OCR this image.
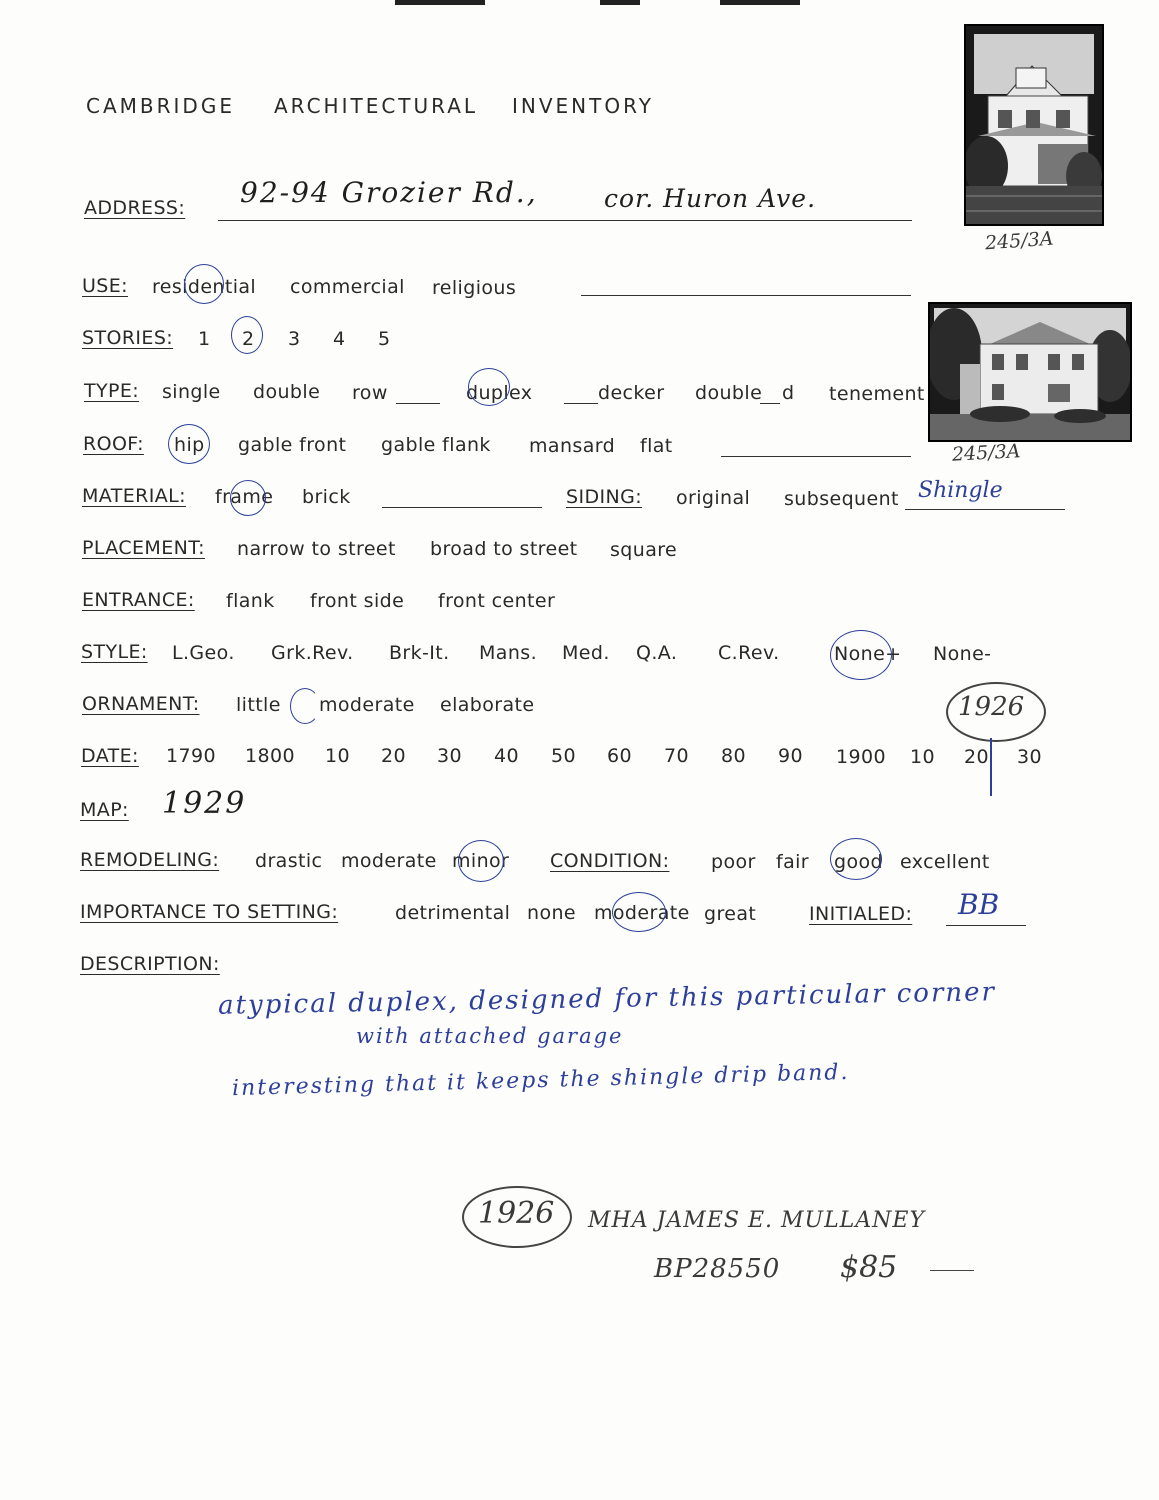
CAMBRIDGE ARCHITECTURAL INVENTORY
245/3A
245/3A
ADDRESS: 92-94 Grozier Rd.,	cor. Huron Ave.
USE: residential commercial religious
STORIES: 1 2 3 4 5
TYPE: single double row	duplex	decker double d tenement
ROOF: hip gable front gable flank mansard flat
MATERIAL: frame brick	SIDING: original subsequent Shingle
PLACEMENT: narrow to street broad to street square
ENTRANCE: flank front side front center
STYLE: L.Geo. Grk.Rev. Brk-It. Mans. Med. Q.A. C.Rev.	None+ None-
ORNAMENT: little moderate elaborate	1926
DATE: 1790 1800 10 20 30 40 50 60 70 80 90 1900 10 20 30
MAP: 1929
REMODELING: drastic moderate minor CONDITION: poor fair good excellent
IMPORTANCE TO SETTING:	detrimental none moderate great	INITIALED: BB
DESCRIPTION:
atypical duplex, designed for this particular corner
with attached garage
interesting that it keeps the shingle drip band.
1926 MHA JAMES E. MULLANEY
BP28550 $85
